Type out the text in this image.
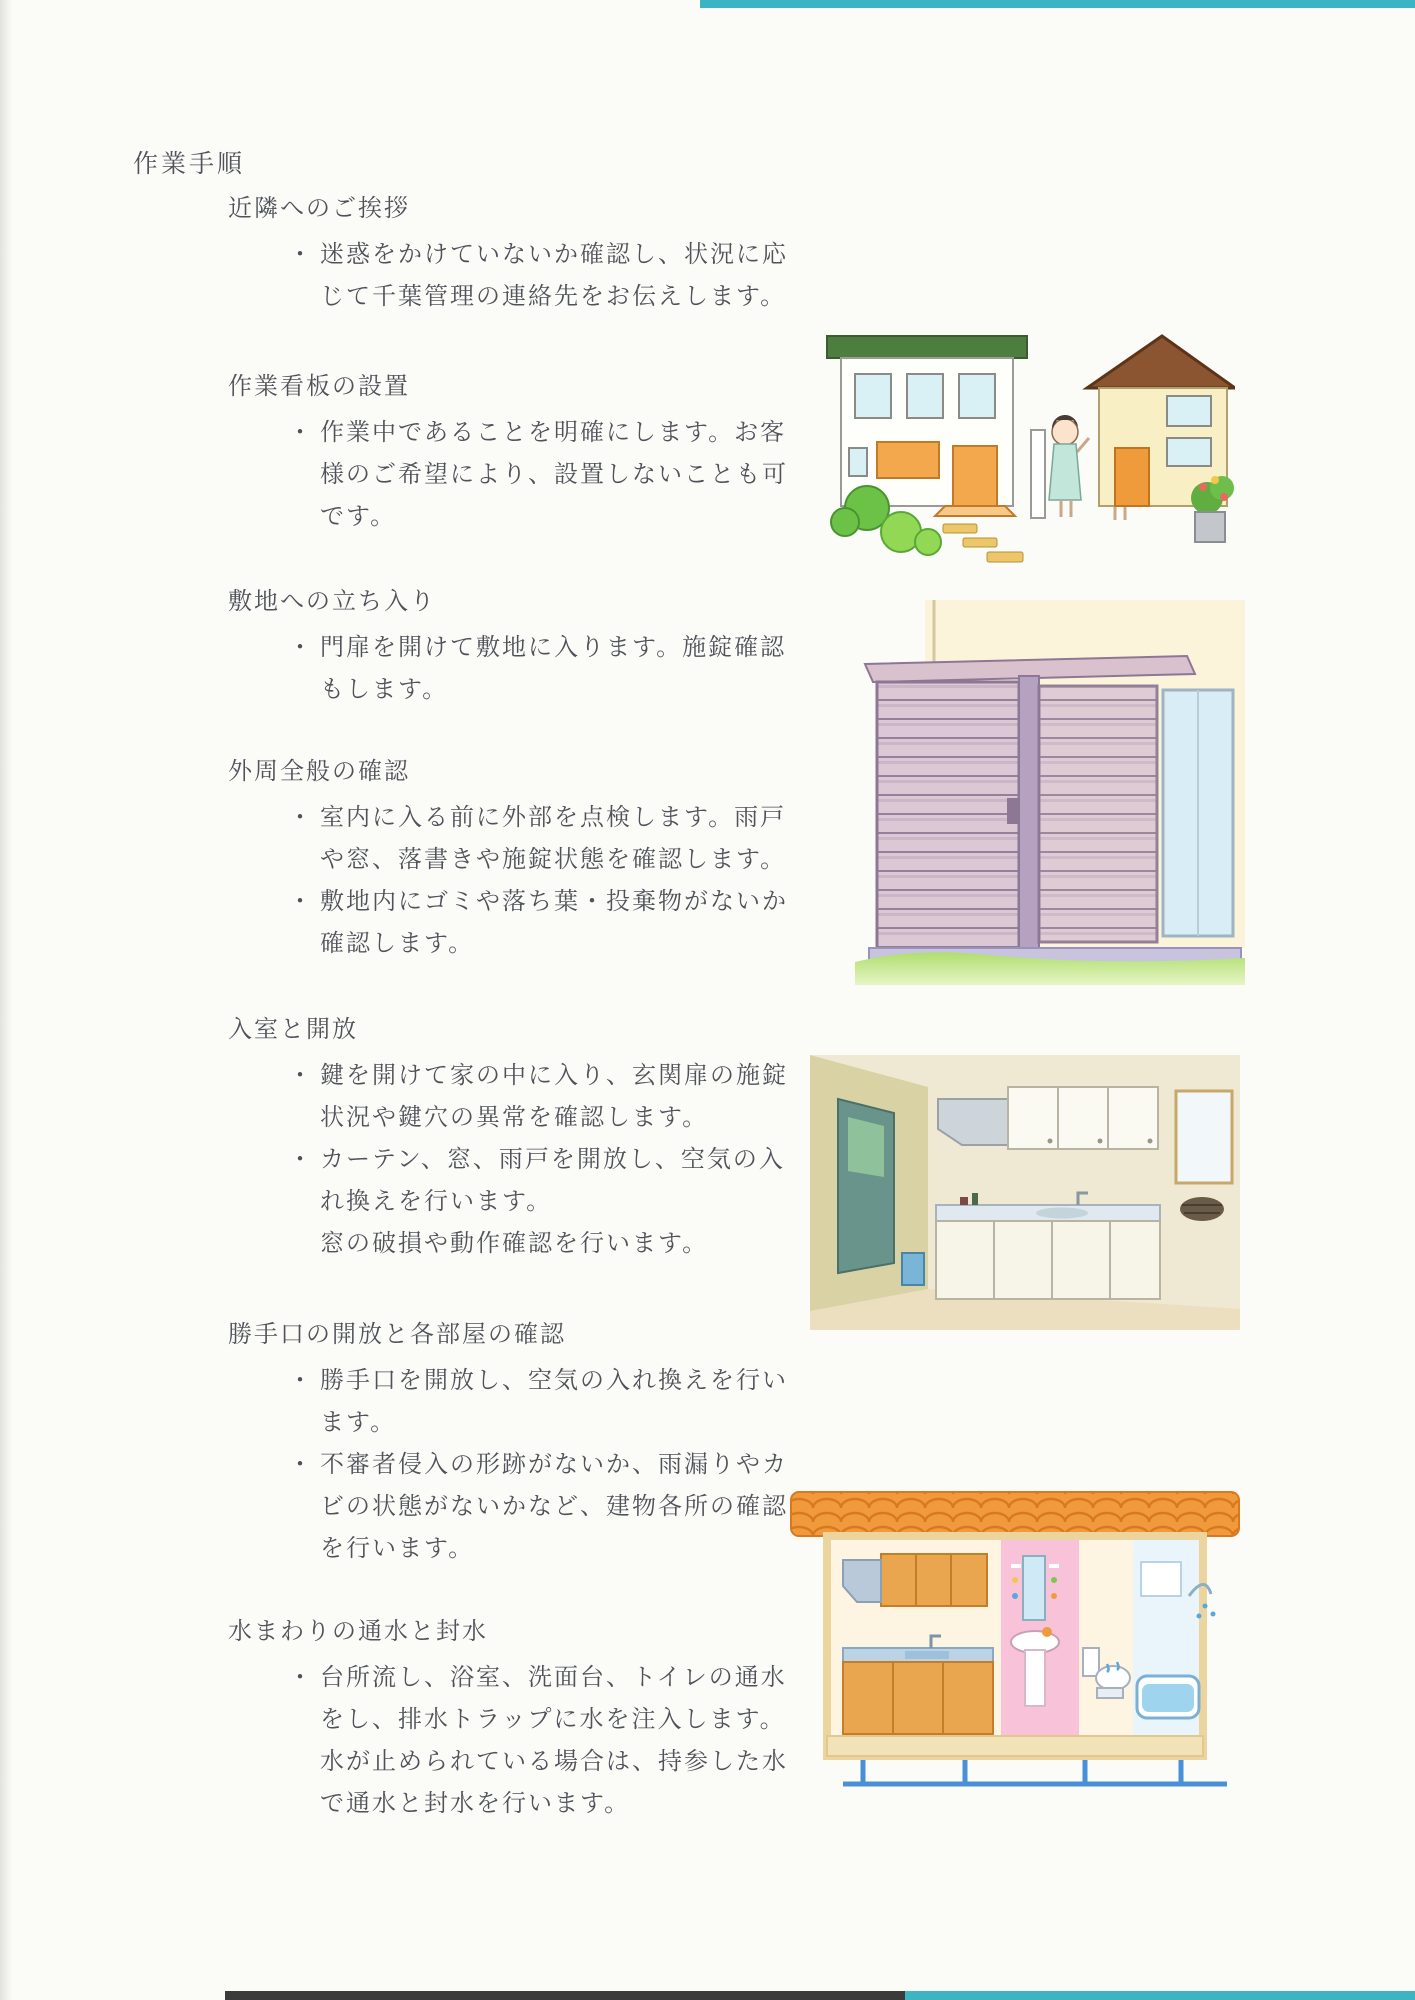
作業手順
近隣へのご挨拶
・ 迷惑をかけていないか確認し、状況に応
じて千葉管理の連絡先をお伝えします。
作業看板の設置
・ 作業中であることを明確にします。お客
様のご希望により、設置しないことも可
です。
敷地への立ち入り
・ 門扉を開けて敷地に入ります。施錠確認
もします。
外周全般の確認
・ 室内に入る前に外部を点検します。雨戸
や窓、落書きや施錠状態を確認します。
・ 敷地内にゴミや落ち葉・投棄物がないか
確認します。
入室と開放
・ 鍵を開けて家の中に入り、玄関扉の施錠
状況や鍵穴の異常を確認します。
・ カーテン、窓、雨戸を開放し、空気の入
れ換えを行います。
窓の破損や動作確認を行います。
勝手口の開放と各部屋の確認
・ 勝手口を開放し、空気の入れ換えを行い
ます。
・ 不審者侵入の形跡がないか、雨漏りやカ
ビの状態がないかなど、建物各所の確認
を行います。
水まわりの通水と封水
・ 台所流し、浴室、洗面台、トイレの通水
をし、排水トラップに水を注入します。
水が止められている場合は、持参した水
で通水と封水を行います。
